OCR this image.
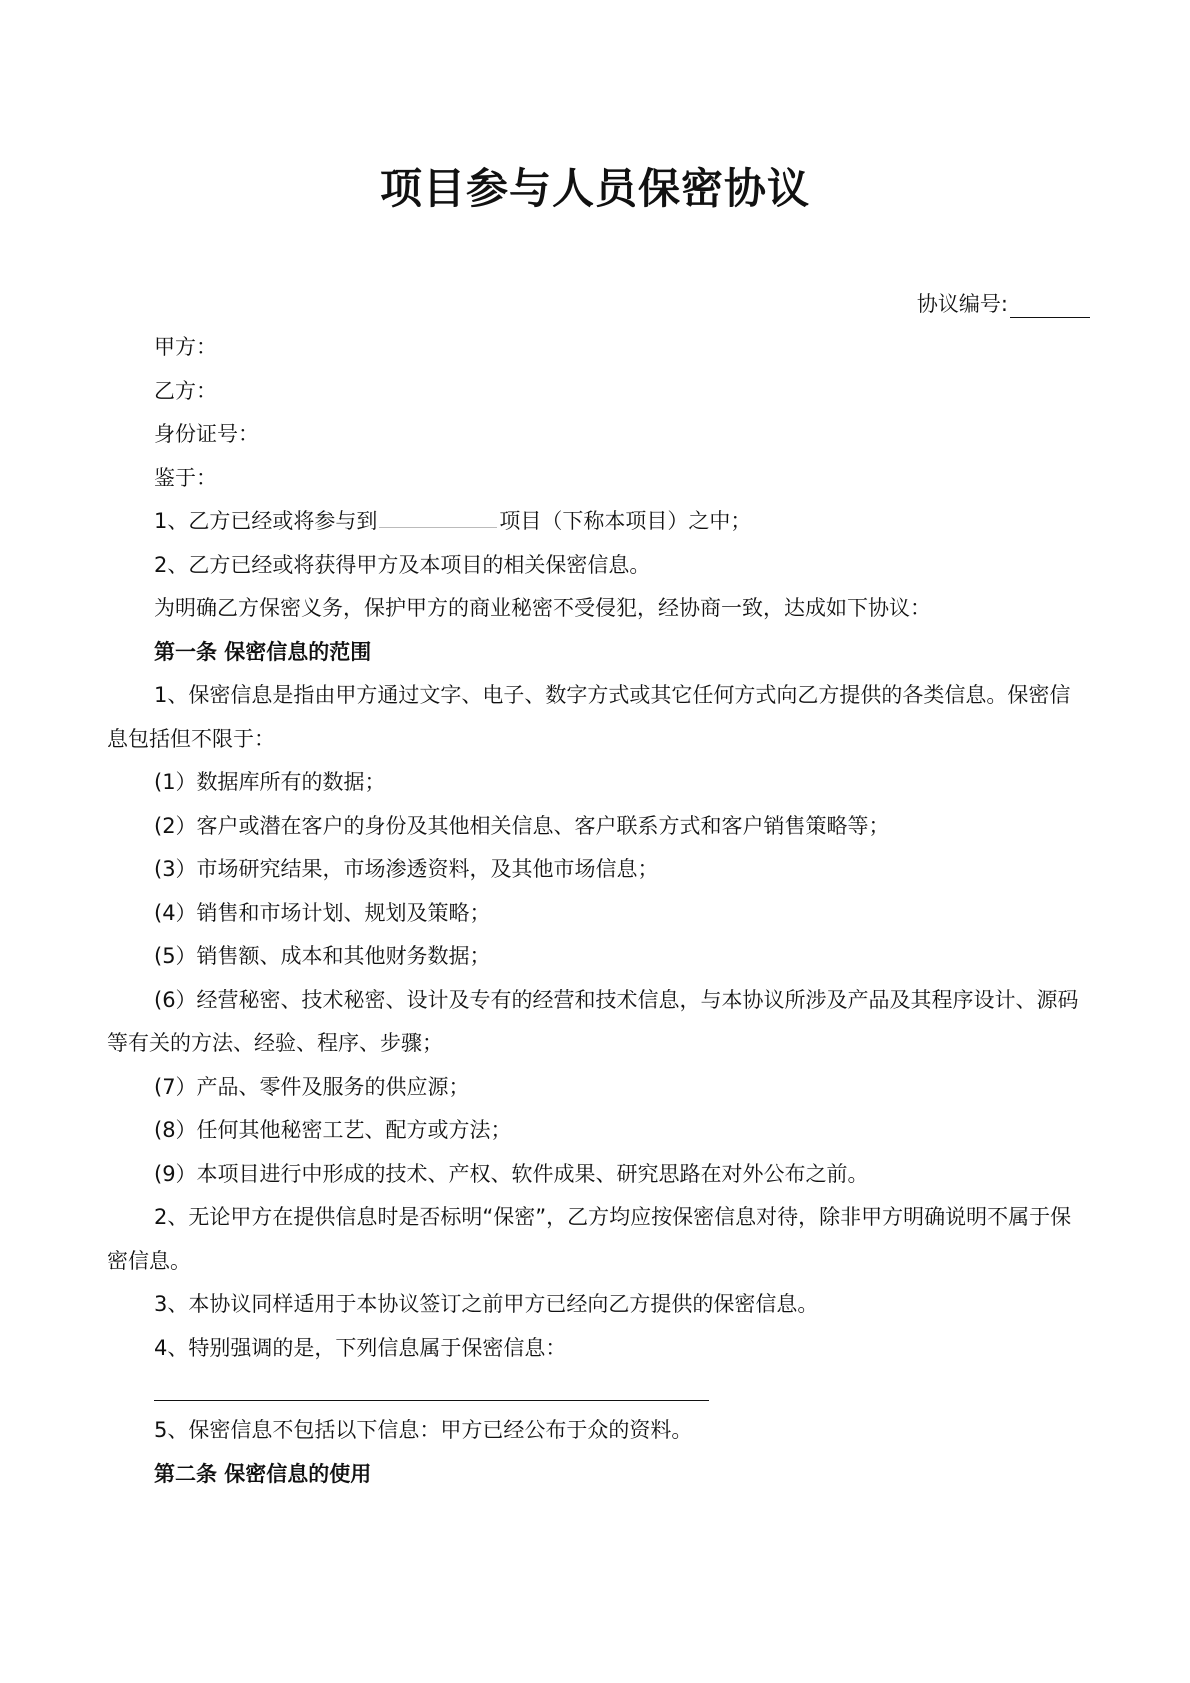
项目参与人员保密协议
协议编号:
甲方：
乙方：
身份证号：
鉴于：
1、乙方已经或将参与到	项目（下称本项目）之中；
2、乙方已经或将获得甲方及本项目的相关保密信息。
为明确乙方保密义务，保护甲方的商业秘密不受侵犯，经协商一致，达成如下协议：
第一条 保密信息的范围
1、保密信息是指由甲方通过文字、电子、数字方式或其它任何方式向乙方提供的各类信息。保密信息包括但不限于：
(1）数据库所有的数据；
(2）客户或潜在客户的身份及其他相关信息、客户联系方式和客户销售策略等；
(3）市场研究结果，市场渗透资料，及其他市场信息；
(4）销售和市场计划、规划及策略；
(5）销售额、成本和其他财务数据；
(6）经营秘密、技术秘密、设计及专有的经营和技术信息，与本协议所涉及产品及其程序设计、源码等有关的方法、经验、程序、步骤；
(7）产品、零件及服务的供应源；
(8）任何其他秘密工艺、配方或方法；
(9）本项目进行中形成的技术、产权、软件成果、研究思路在对外公布之前。
2、无论甲方在提供信息时是否标明“保密”，乙方均应按保密信息对待，除非甲方明确说明不属于保密信息。
3、本协议同样适用于本协议签订之前甲方已经向乙方提供的保密信息。
4、特别强调的是，下列信息属于保密信息：
5、保密信息不包括以下信息：甲方已经公布于众的资料。
第二条 保密信息的使用
